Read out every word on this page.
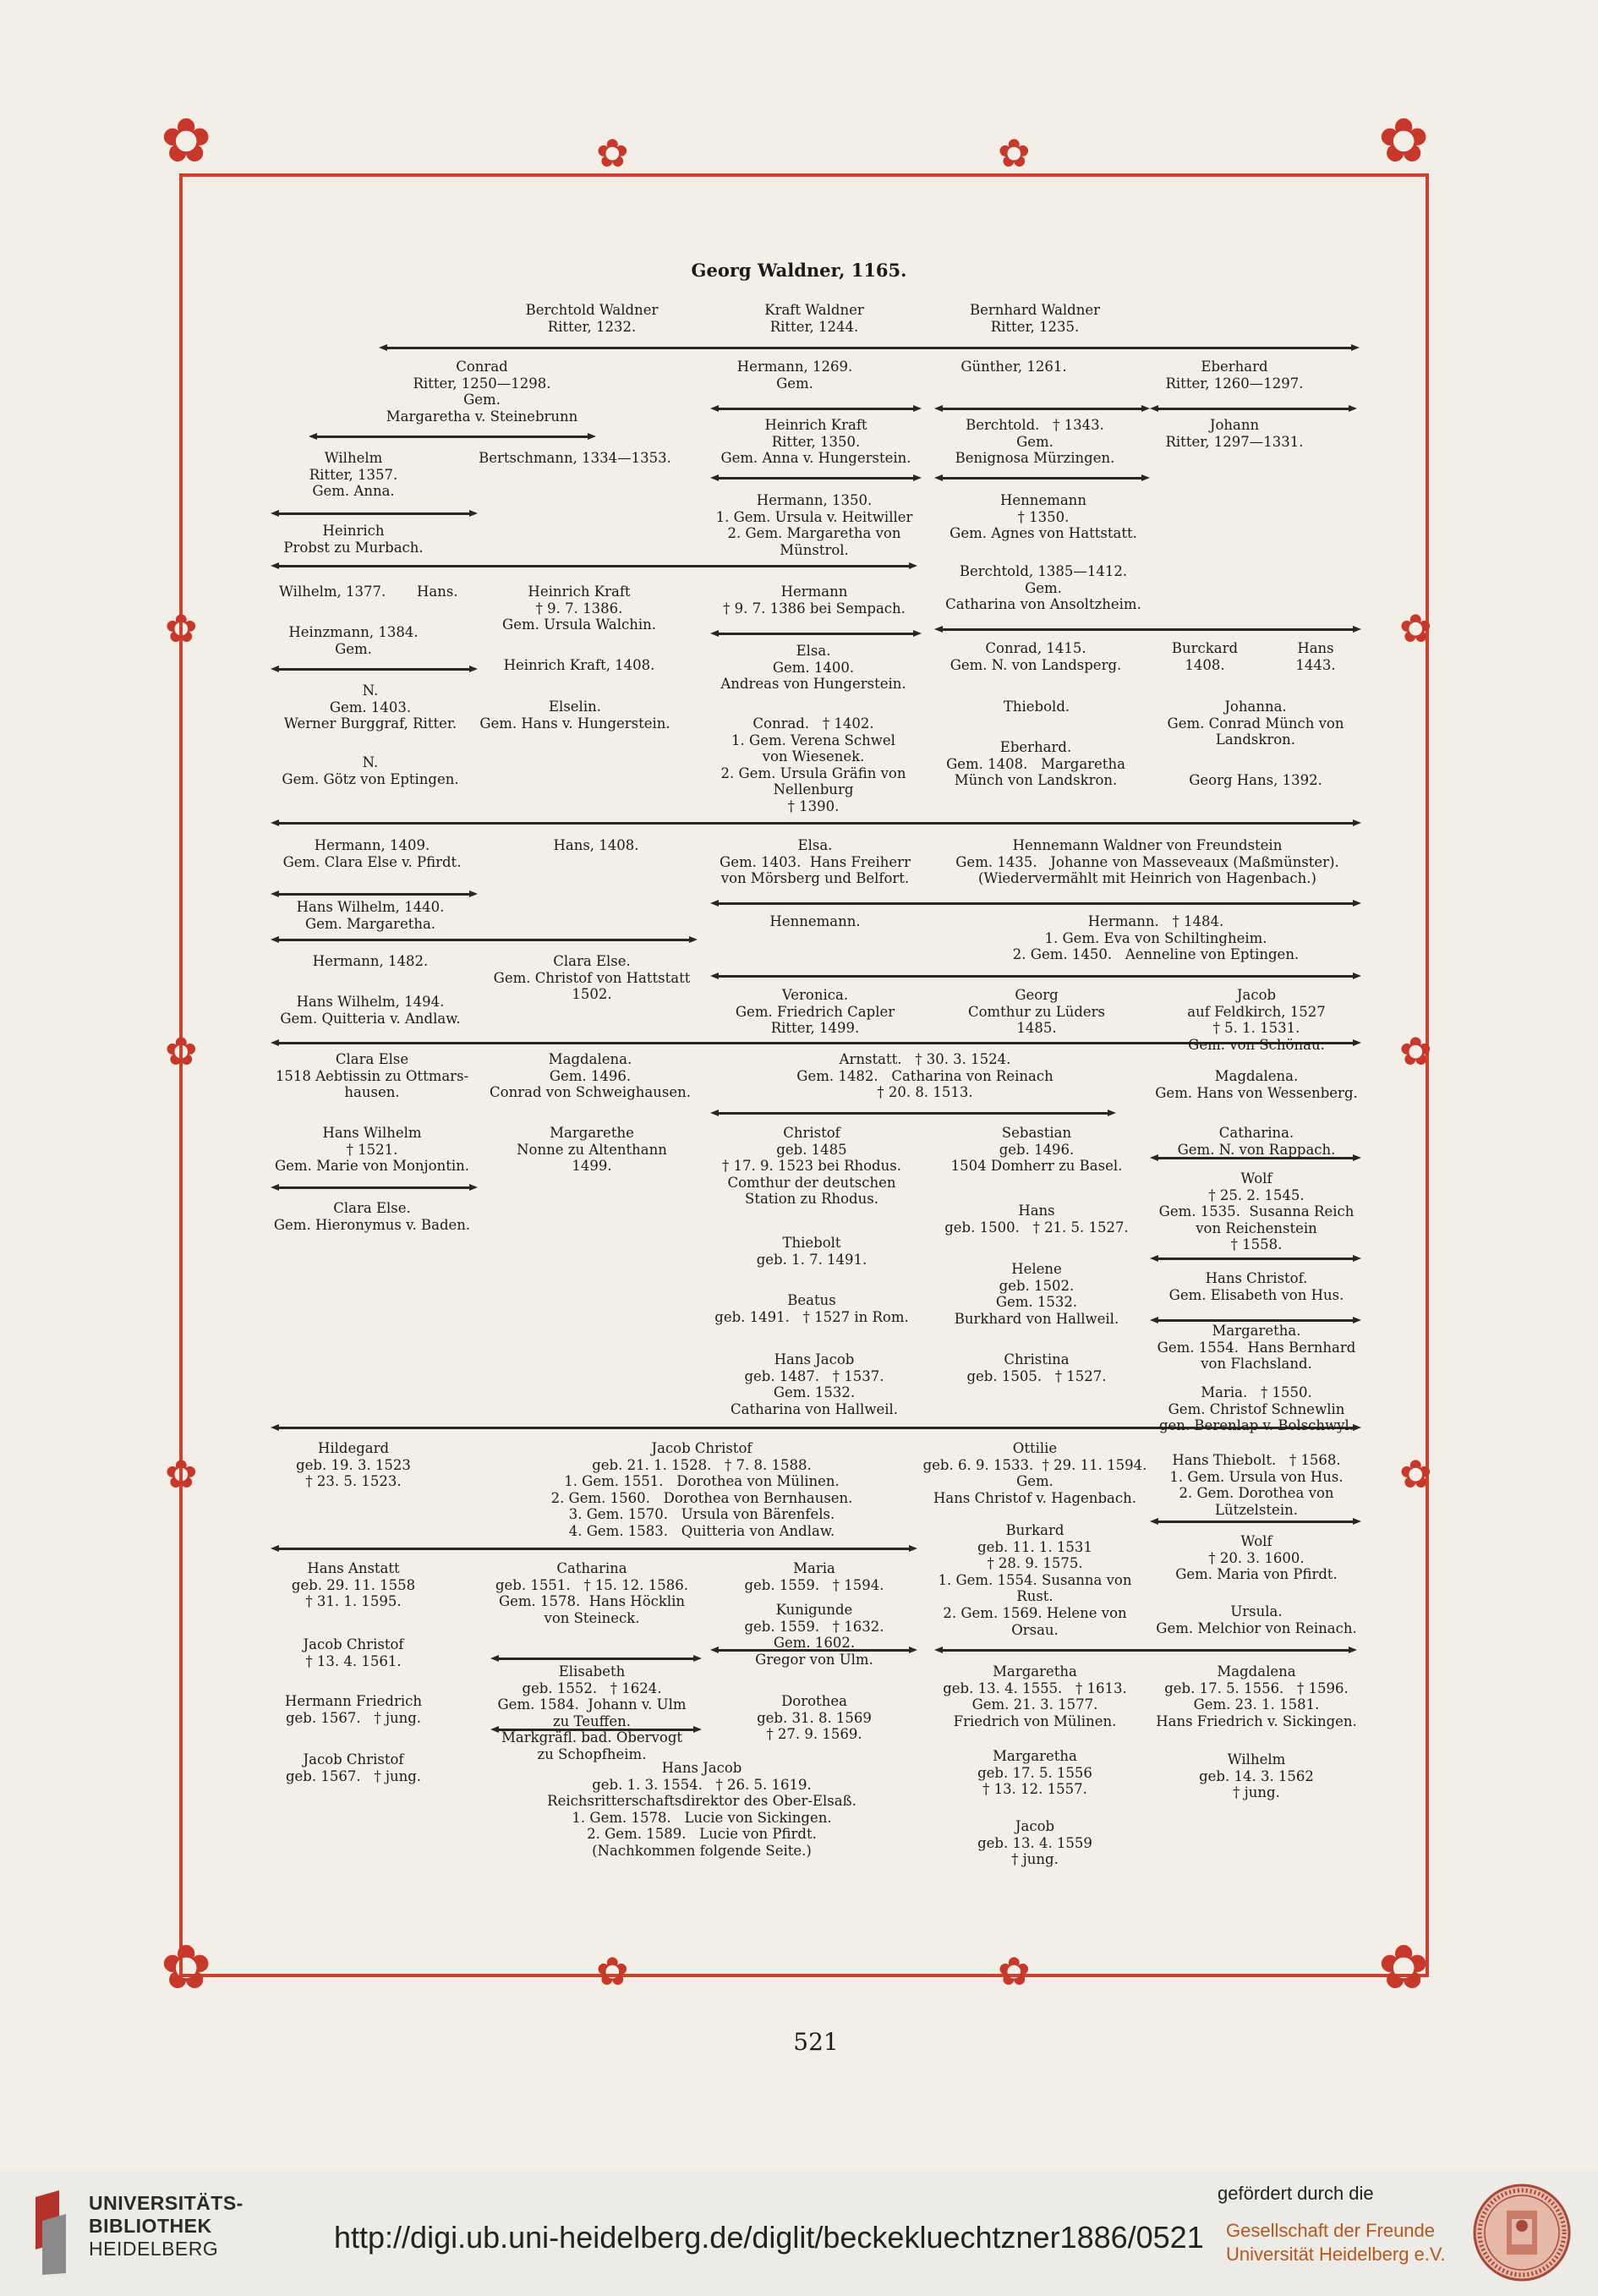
✿	✿
✿	✿
✿	✿
✿	✿
✿
✿
✿
✿
✿
✿
Georg Waldner, 1165.
Berchtold Waldner
Ritter, 1232.
Kraft Waldner
Ritter, 1244.
Bernhard Waldner
Ritter, 1235.
Conrad
Ritter, 1250—1298.
Gem.
Margaretha v. Steinebrunn
Hermann, 1269.
Gem.
Günther, 1261.	Eberhard
Ritter, 1260—1297.
Wilhelm
Ritter, 1357.
Gem. Anna.
Bertschmann, 1334—1353.
Heinrich Kraft
Ritter, 1350.
Gem. Anna v. Hungerstein.
Berchtold.   † 1343.
Gem.
Benignosa Mürzingen.
Johann
Ritter, 1297—1331.
Hermann, 1350.
1. Gem. Ursula v. Heitwiller
2. Gem. Margaretha von
Münstrol.
Hennemann
† 1350.
Gem. Agnes von Hattstatt.
Heinrich
Probst zu Murbach.
Berchtold, 1385—1412.
Gem.
Catharina von Ansoltzheim.
Wilhelm, 1377.       Hans.	Heinrich Kraft
† 9. 7. 1386.
Gem. Ursula Walchin.
Hermann
† 9. 7. 1386 bei Sempach.
Heinzmann, 1384.
Gem.	Elsa.
Gem. 1400.
Andreas von Hungerstein.
Conrad, 1415.
Gem. N. von Landsperg.
Burckard
1408.
Hans
1443.
Heinrich Kraft, 1408.
N.
Gem. 1403.
Werner Burggraf, Ritter.
Elselin.
Gem. Hans v. Hungerstein.
Thiebold.	Johanna.
Gem. Conrad Münch von
Landskron.
Conrad.   † 1402.
1. Gem. Verena Schwel
von Wiesenek.
2. Gem. Ursula Gräfin von
Nellenburg
† 1390.
Eberhard.
Gem. 1408.   Margaretha
Münch von Landskron.
N.
Gem. Götz von Eptingen.	Georg Hans, 1392.
Hermann, 1409.
Gem. Clara Else v. Pfirdt.
Hans, 1408.	Elsa.
Gem. 1403.  Hans Freiherr
von Mörsberg und Belfort.
Hennemann Waldner von Freundstein
Gem. 1435.   Johanne von Masseveaux (Maßmünster).
(Wiedervermählt mit Heinrich von Hagenbach.)
Hans Wilhelm, 1440.
Gem. Margaretha.	Hennemann.	Hermann.   † 1484.
1. Gem. Eva von Schiltingheim.
2. Gem. 1450.   Aenneline von Eptingen.
Hermann, 1482.	Clara Else.
Gem. Christof von Hattstatt
1502.
Hans Wilhelm, 1494.
Gem. Quitteria v. Andlaw.
Veronica.
Gem. Friedrich Capler
Ritter, 1499.
Georg
Comthur zu Lüders
1485.
Jacob
auf Feldkirch, 1527
† 5. 1. 1531.
Gem. von Schönau.
Clara Else
1518 Aebtissin zu Ottmars-
hausen.
Magdalena.
Gem. 1496.
Conrad von Schweighausen.
Arnstatt.   † 30. 3. 1524.
Gem. 1482.   Catharina von Reinach
† 20. 8. 1513.
Magdalena.
Gem. Hans von Wessenberg.
Hans Wilhelm
† 1521.
Gem. Marie von Monjontin.
Margarethe
Nonne zu Altenthann
1499.
Christof
geb. 1485
† 17. 9. 1523 bei Rhodus.
Comthur der deutschen
Station zu Rhodus.
Sebastian
geb. 1496.
1504 Domherr zu Basel.
Catharina.
Gem. N. von Rappach.
Clara Else.
Gem. Hieronymus v. Baden.
Wolf
† 25. 2. 1545.
Gem. 1535.  Susanna Reich
von Reichenstein
† 1558.
Hans
geb. 1500.   † 21. 5. 1527.
Thiebolt
geb. 1. 7. 1491.
Helene
geb. 1502.
Gem. 1532.
Burkhard von Hallweil.
Hans Christof.
Gem. Elisabeth von Hus.
Beatus
geb. 1491.   † 1527 in Rom.
Margaretha.
Gem. 1554.  Hans Bernhard
von Flachsland.
Hans Jacob
geb. 1487.   † 1537.
Gem. 1532.
Catharina von Hallweil.
Christina
geb. 1505.   † 1527.
Maria.   † 1550.
Gem. Christof Schnewlin
gen. Berenlap v. Bolschwyl.
Hildegard
geb. 19. 3. 1523
† 23. 5. 1523.
Jacob Christof
geb. 21. 1. 1528.   † 7. 8. 1588.
1. Gem. 1551.   Dorothea von Mülinen.
2. Gem. 1560.   Dorothea von Bernhausen.
3. Gem. 1570.   Ursula von Bärenfels.
4. Gem. 1583.   Quitteria von Andlaw.
Ottilie
geb. 6. 9. 1533.  † 29. 11. 1594.
Gem.
Hans Christof v. Hagenbach.
Hans Thiebolt.   † 1568.
1. Gem. Ursula von Hus.
2. Gem. Dorothea von
Lützelstein.
Burkard
geb. 11. 1. 1531
† 28. 9. 1575.
1. Gem. 1554. Susanna von
Rust.
2. Gem. 1569. Helene von
Orsau.
Wolf
† 20. 3. 1600.
Gem. Maria von Pfirdt.
Hans Anstatt
geb. 29. 11. 1558
† 31. 1. 1595.
Catharina
geb. 1551.   † 15. 12. 1586.
Gem. 1578.  Hans Höcklin
von Steineck.
Maria
geb. 1559.   † 1594.
Ursula.
Gem. Melchior von Reinach.
Kunigunde
geb. 1559.   † 1632.
Gem. 1602.
Gregor von Ulm.
Jacob Christof
† 13. 4. 1561.
Elisabeth
geb. 1552.   † 1624.
Gem. 1584.  Johann v. Ulm
zu Teuffen.
Markgräfl. bad. Obervogt
zu Schopfheim.
Margaretha
geb. 13. 4. 1555.   † 1613.
Gem. 21. 3. 1577.
Friedrich von Mülinen.
Magdalena
geb. 17. 5. 1556.   † 1596.
Gem. 23. 1. 1581.
Hans Friedrich v. Sickingen.
Hermann Friedrich
geb. 1567.   † jung.
Dorothea
geb. 31. 8. 1569
† 27. 9. 1569.
Jacob Christof
geb. 1567.   † jung.
Hans Jacob
geb. 1. 3. 1554.   † 26. 5. 1619.
Reichsritterschaftsdirektor des Ober-Elsaß.
1. Gem. 1578.   Lucie von Sickingen.
2. Gem. 1589.   Lucie von Pfirdt.
(Nachkommen folgende Seite.)
Margaretha
geb. 17. 5. 1556
† 13. 12. 1557.
Wilhelm
geb. 14. 3. 1562
† jung.
Jacob
geb. 13. 4. 1559
† jung.
521
UNIVERSITÄTS-
BIBLIOTHEK
HEIDELBERG	http://digi.ub.uni-heidelberg.de/diglit/beckekluechtzner1886/0521
gefördert durch die
Gesellschaft der Freunde
Universität Heidelberg e.V.
